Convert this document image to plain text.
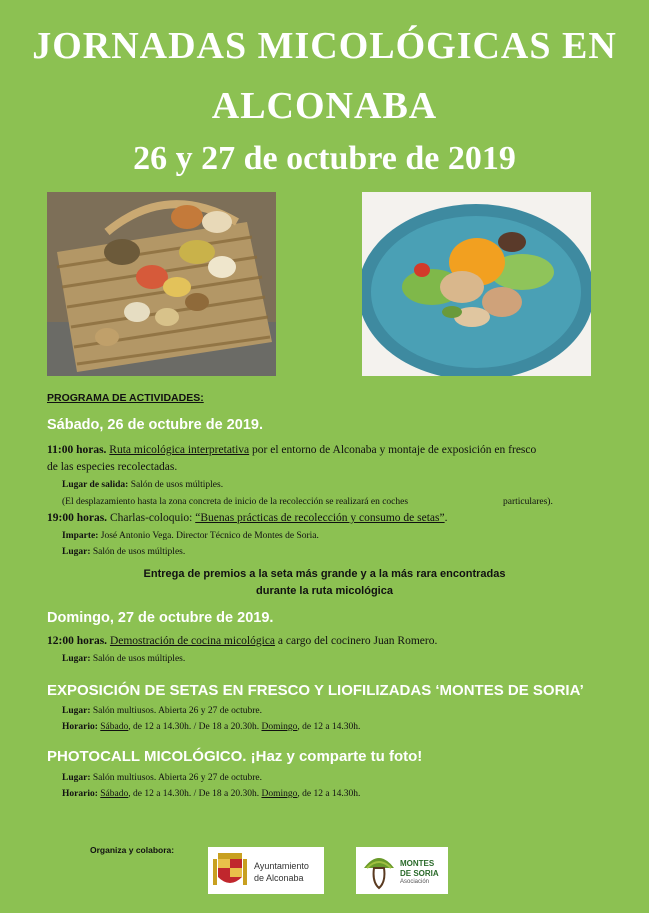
JORNADAS MICOLÓGICAS EN
ALCONABA
26 y 27 de octubre de 2019
PROGRAMA DE ACTIVIDADES:
Sábado, 26 de octubre de 2019.
11:00 horas. Ruta micológica interpretativa por el entorno de Alconaba y montaje de exposición en fresco
de las especies recolectadas.
Lugar de salida: Salón de usos múltiples.
(El desplazamiento hasta la zona concreta de inicio de la recolección se realizará en coches	particulares).
19:00 horas. Charlas-coloquio: “Buenas prácticas de recolección y consumo de setas”.
Imparte: José Antonio Vega. Director Técnico de Montes de Soria.
Lugar: Salón de usos múltiples.
Entrega de premios a la seta más grande y a la más rara encontradas
durante la ruta micológica
Domingo, 27 de octubre de 2019.
12:00 horas. Demostración de cocina micológica a cargo del cocinero Juan Romero.
Lugar: Salón de usos múltiples.
EXPOSICIÓN DE SETAS EN FRESCO Y LIOFILIZADAS ‘MONTES DE SORIA’
Lugar: Salón multiusos. Abierta 26 y 27 de octubre.
Horario: Sábado, de 12 a 14.30h. / De 18 a 20.30h. Domingo, de 12 a 14.30h.
PHOTOCALL MICOLÓGICO. ¡Haz y comparte tu foto!
Lugar: Salón multiusos. Abierta 26 y 27 de octubre.
Horario: Sábado, de 12 a 14.30h. / De 18 a 20.30h. Domingo, de 12 a 14.30h.
Organiza y colabora:
Ayuntamiento
de Alconaba
MONTES
DE SORIA
Asociación
